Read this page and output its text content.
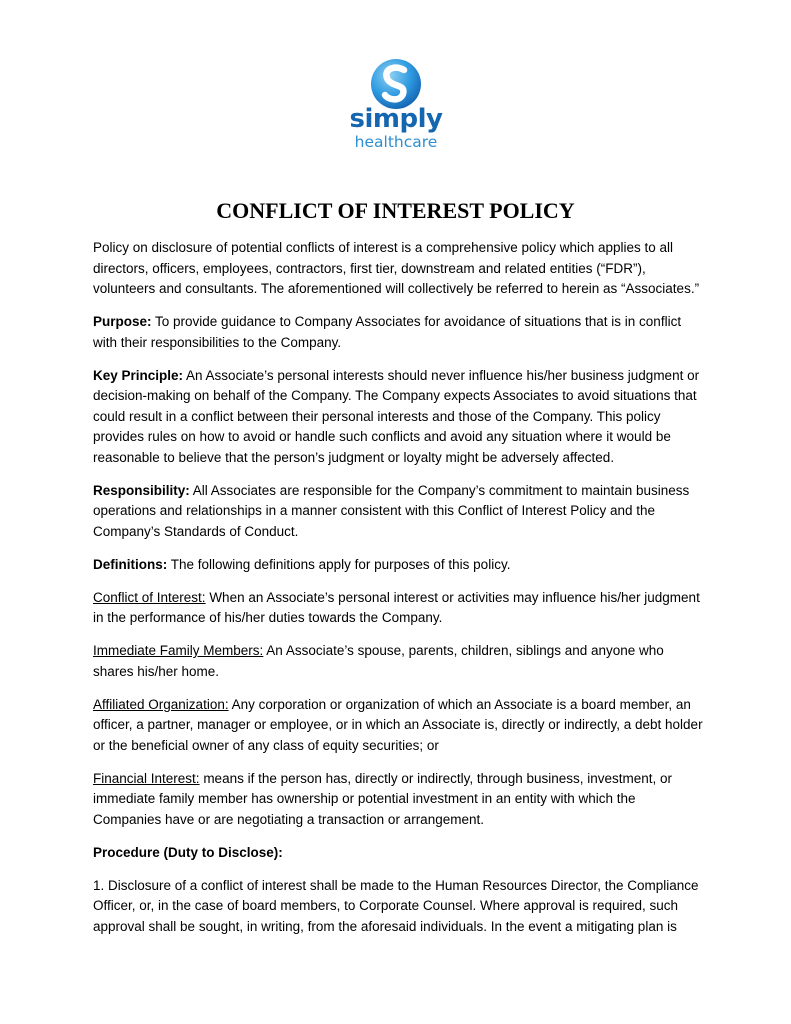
simply
healthcare
CONFLICT OF INTEREST POLICY

Policy on disclosure of potential conflicts of interest is a comprehensive policy which applies to all directors, officers, employees, contractors, first tier, downstream and related entities (“FDR”), volunteers and consultants. The aforementioned will collectively be referred to herein as “Associates.”

Purpose: To provide guidance to Company Associates for avoidance of situations that is in conflict with their responsibilities to the Company.

Key Principle: An Associate’s personal interests should never influence his/her business judgment or decision-making on behalf of the Company. The Company expects Associates to avoid situations that could result in a conflict between their personal interests and those of the Company. This policy provides rules on how to avoid or handle such conflicts and avoid any situation where it would be reasonable to believe that the person’s judgment or loyalty might be adversely affected.

Responsibility: All Associates are responsible for the Company’s commitment to maintain business operations and relationships in a manner consistent with this Conflict of Interest Policy and the Company’s Standards of Conduct.

Definitions: The following definitions apply for purposes of this policy.

Conflict of Interest: When an Associate’s personal interest or activities may influence his/her judgment in the performance of his/her duties towards the Company.

Immediate Family Members: An Associate’s spouse, parents, children, siblings and anyone who shares his/her home.

Affiliated Organization: Any corporation or organization of which an Associate is a board member, an officer, a partner, manager or employee, or in which an Associate is, directly or indirectly, a debt holder or the beneficial owner of any class of equity securities; or

Financial Interest: means if the person has, directly or indirectly, through business, investment, or immediate family member has ownership or potential investment in an entity with which the Companies have or are negotiating a transaction or arrangement.

Procedure (Duty to Disclose):

1. Disclosure of a conflict of interest shall be made to the Human Resources Director, the Compliance Officer, or, in the case of board members, to Corporate Counsel. Where approval is required, such approval shall be sought, in writing, from the aforesaid individuals. In the event a mitigating plan is
